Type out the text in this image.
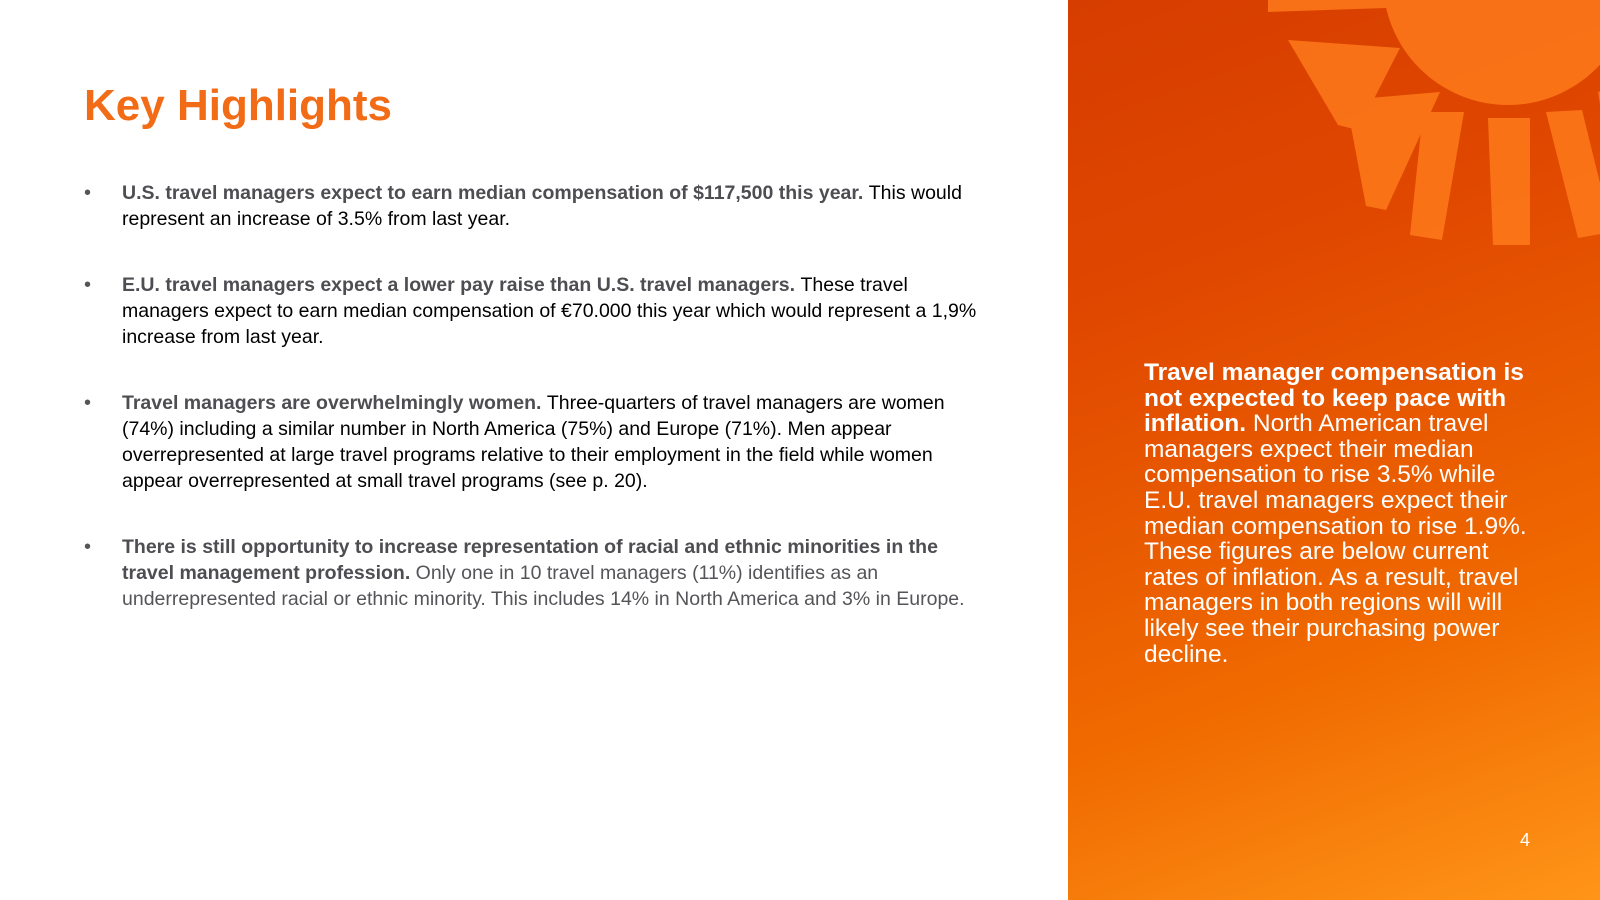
Key Highlights
• U.S. travel managers expect to earn median compensation of $117,500 this year. This would represent an increase of 3.5% from last year.
• E.U. travel managers expect a lower pay raise than U.S. travel managers. These travel managers expect to earn median compensation of €70.000 this year which would represent a 1,9% increase from last year.
• Travel managers are overwhelmingly women. Three-quarters of travel managers are women (74%) including a similar number in North America (75%) and Europe (71%). Men appear overrepresented at large travel programs relative to their employment in the field while women appear overrepresented at small travel programs (see p. 20).
• There is still opportunity to increase representation of racial and ethnic minorities in the travel management profession. Only one in 10 travel managers (11%) identifies as an underrepresented racial or ethnic minority. This includes 14% in North America and 3% in Europe.
Travel manager compensation is not expected to keep pace with inflation. North American travel managers expect their median compensation to rise 3.5% while E.U. travel managers expect their median compensation to rise 1.9%. These figures are below current rates of inflation. As a result, travel managers in both regions will will likely see their purchasing power decline.
4
